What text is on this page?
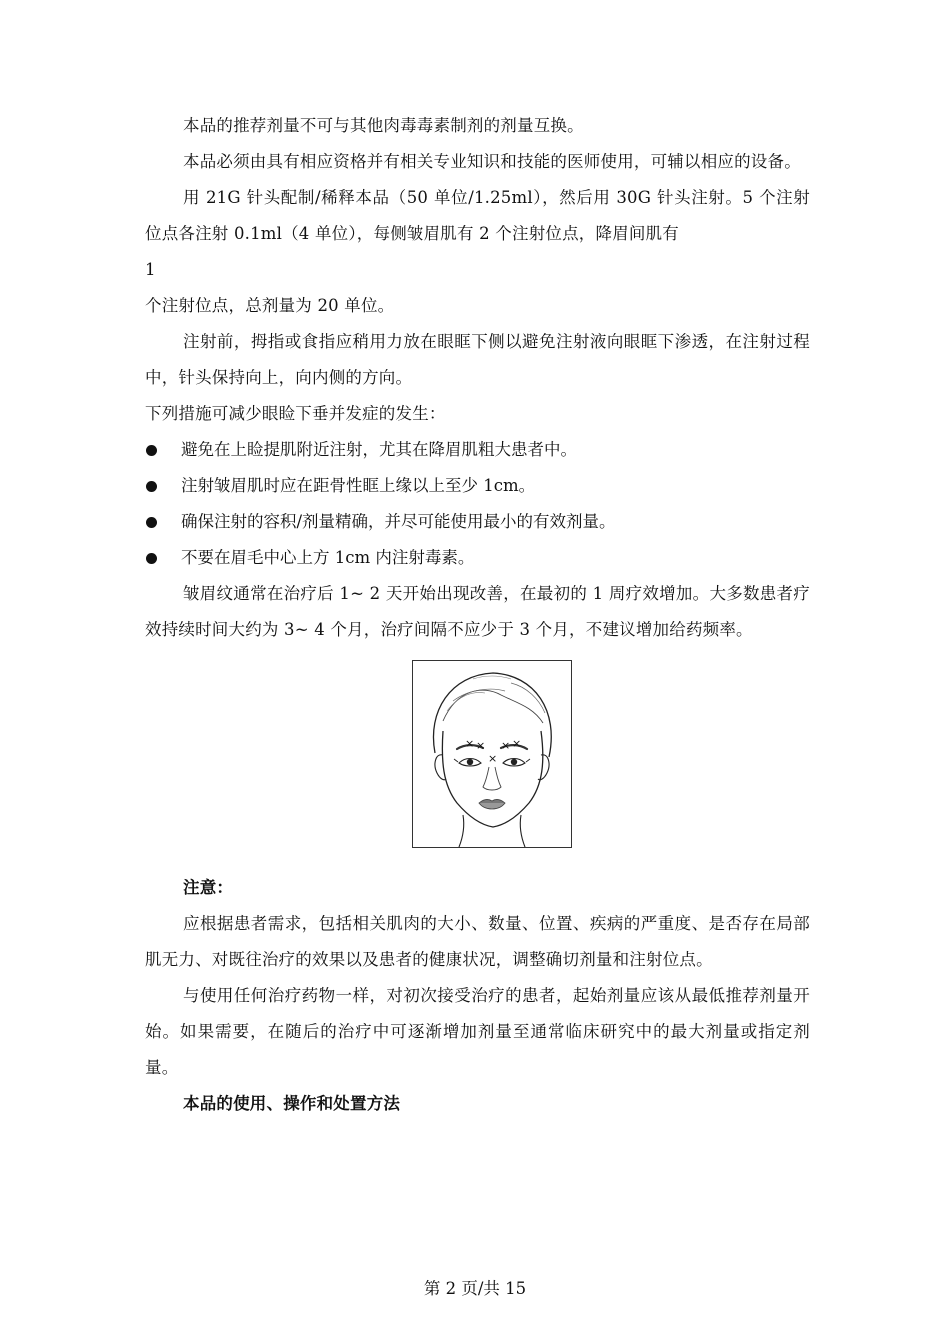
本品的推荐剂量不可与其他肉毒毒素制剂的剂量互换。

本品必须由具有相应资格并有相关专业知识和技能的医师使用，可辅以相应的设备。

用 21G 针头配制/稀释本品（50 单位/1.25ml），然后用 30G 针头注射。5 个注射位点各注射 0.1ml（4 单位），每侧皱眉肌有 2 个注射位点，降眉间肌有

1

个注射位点，总剂量为 20 单位。

注射前，拇指或食指应稍用力放在眼眶下侧以避免注射液向眼眶下渗透，在注射过程中，针头保持向上，向内侧的方向。

下列措施可减少眼睑下垂并发症的发生：

避免在上睑提肌附近注射，尤其在降眉肌粗大患者中。
注射皱眉肌时应在距骨性眶上缘以上至少 1cm。
确保注射的容积/剂量精确，并尽可能使用最小的有效剂量。
不要在眉毛中心上方 1cm 内注射毒素。

皱眉纹通常在治疗后 1~ 2 天开始出现改善，在最初的 1 周疗效增加。大多数患者疗效持续时间大约为 3~ 4 个月，治疗间隔不应少于 3 个月，不建议增加给药频率。

× ×
×
× ×

注意：

应根据患者需求，包括相关肌肉的大小、数量、位置、疾病的严重度、是否存在局部肌无力、对既往治疗的效果以及患者的健康状况，调整确切剂量和注射位点。

与使用任何治疗药物一样，对初次接受治疗的患者，起始剂量应该从最低推荐剂量开始。如果需要，在随后的治疗中可逐渐增加剂量至通常临床研究中的最大剂量或指定剂量。

本品的使用、操作和处置方法

第 2 页/共 15
